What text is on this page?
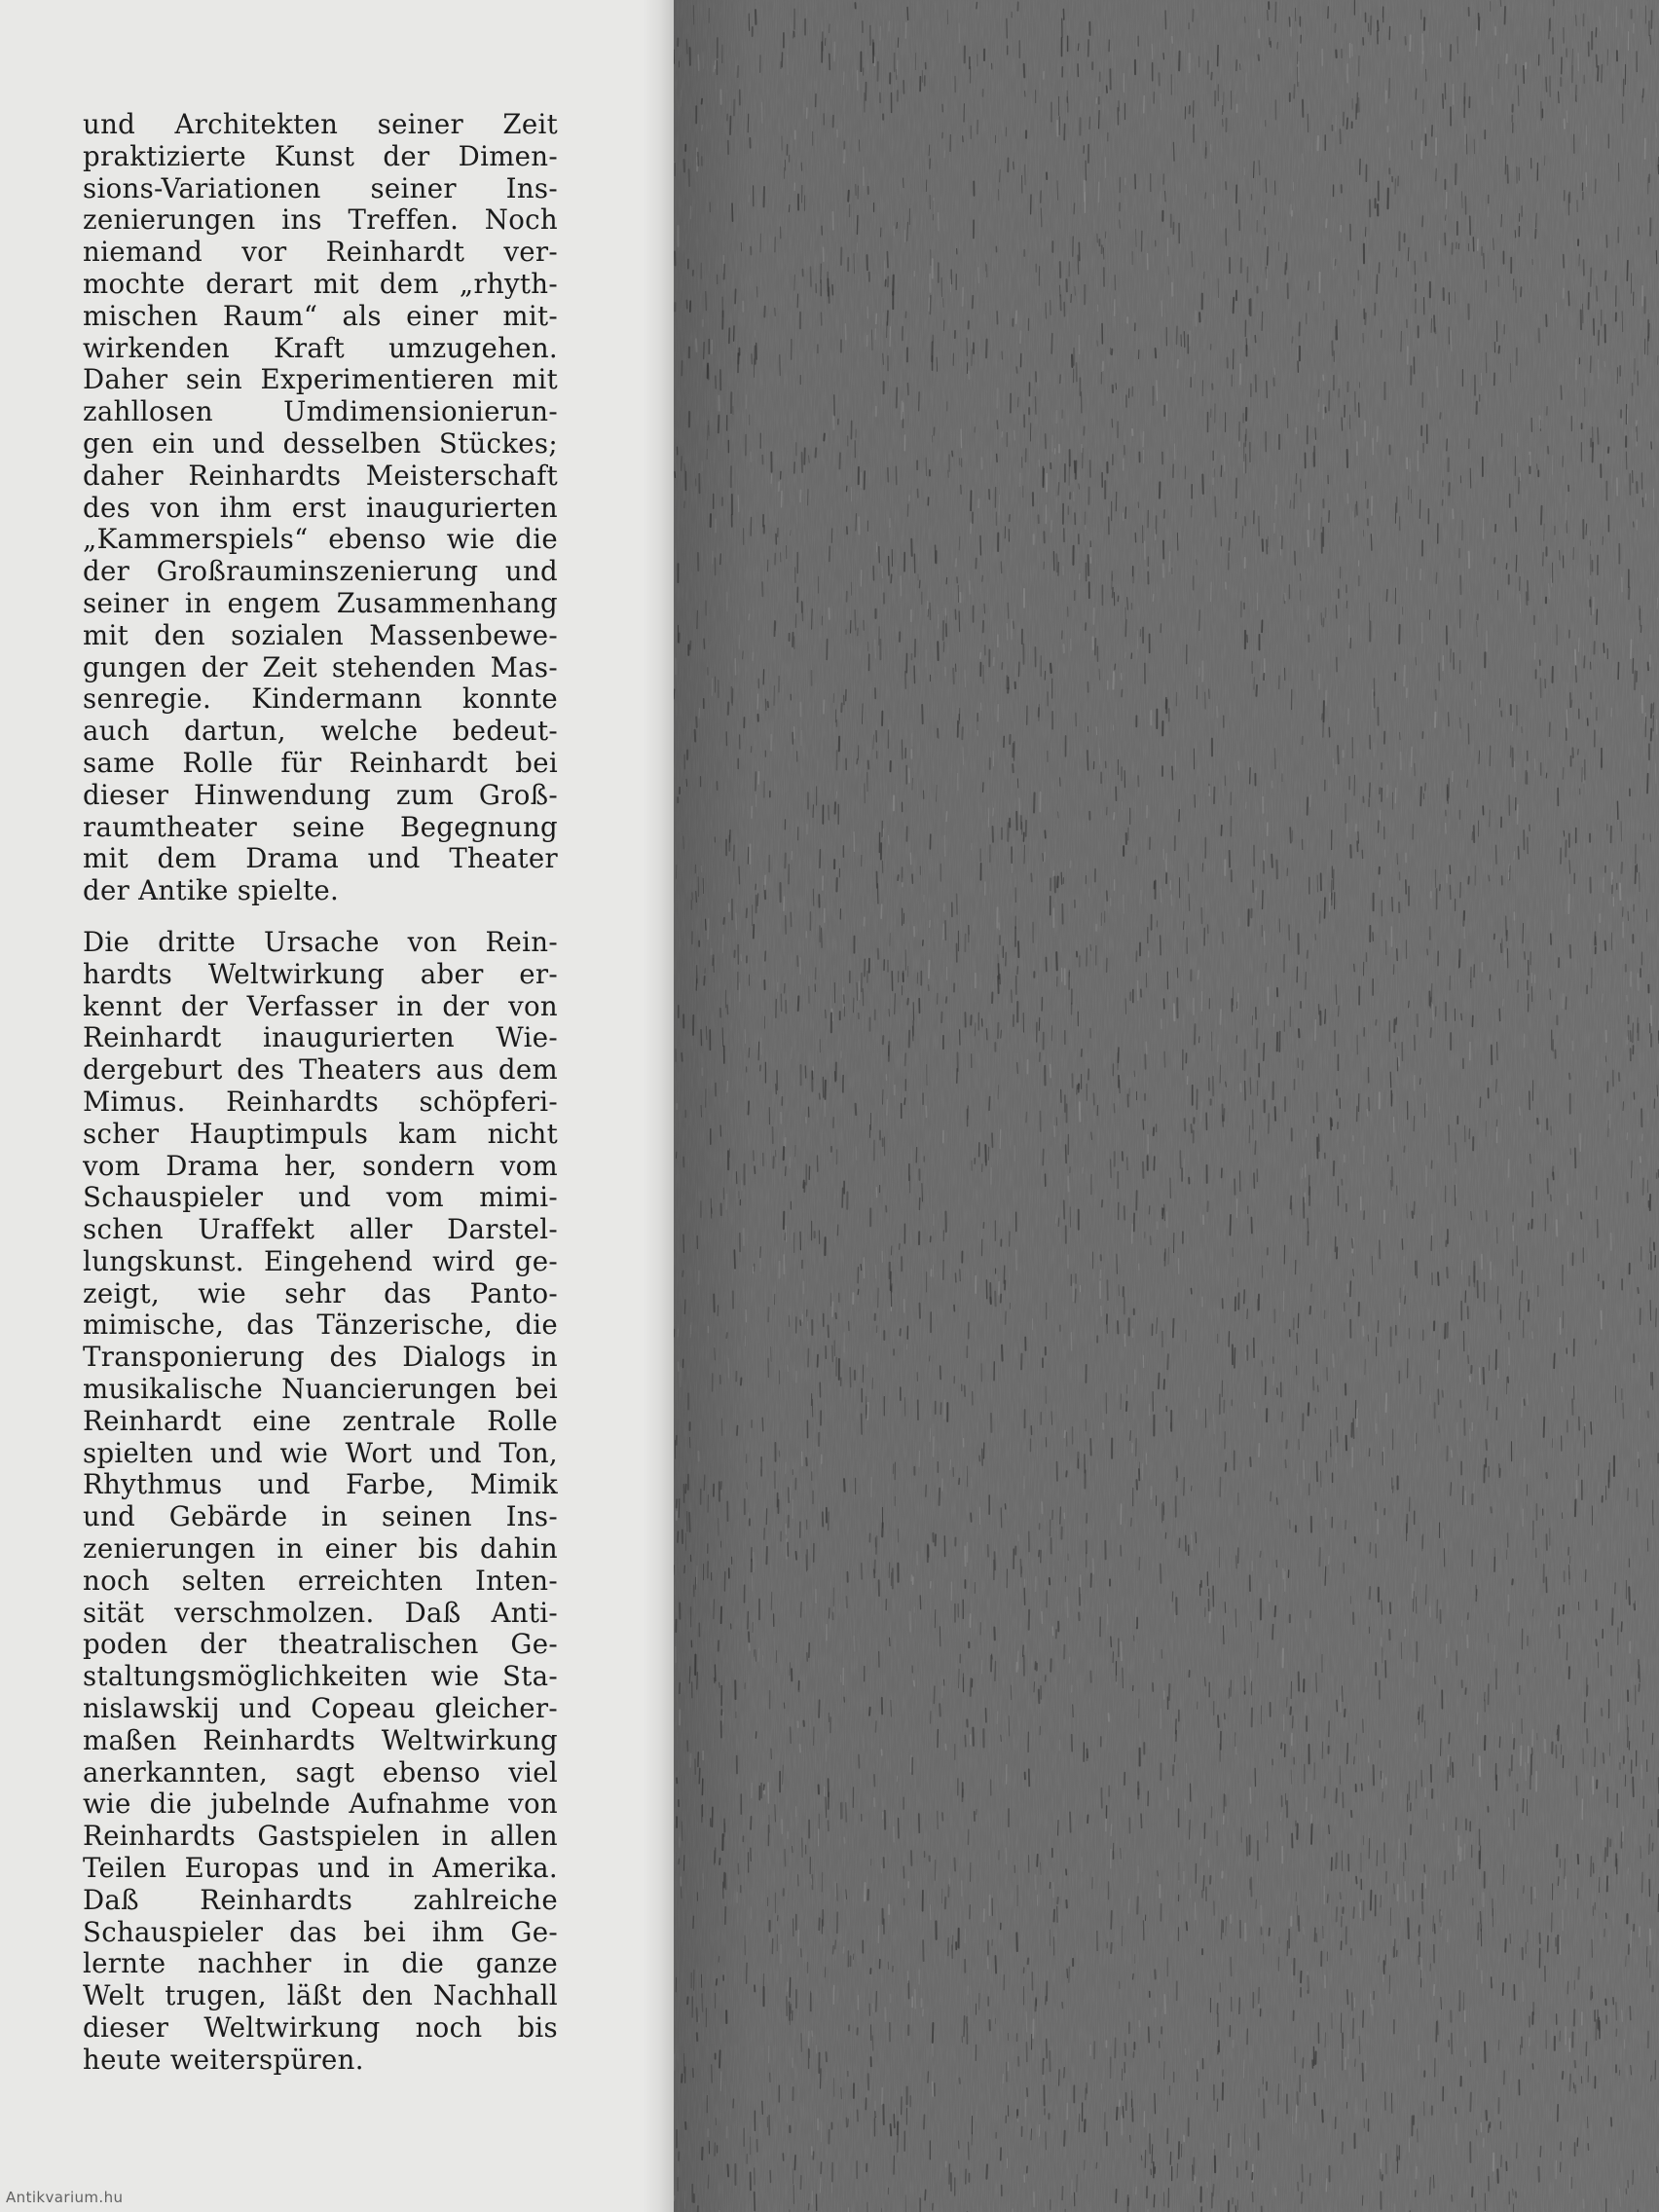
und Architekten seiner Zeit
praktizierte Kunst der Dimen-
sions-Variationen seiner Ins-
zenierungen ins Treffen. Noch
niemand vor Reinhardt ver-
mochte derart mit dem „rhyth-
mischen Raum“ als einer mit-
wirkenden Kraft umzugehen.
Daher sein Experimentieren mit
zahllosen Umdimensionierun-
gen ein und desselben Stückes;
daher Reinhardts Meisterschaft
des von ihm erst inaugurierten
„Kammerspiels“ ebenso wie die
der Großrauminszenierung und
seiner in engem Zusammenhang
mit den sozialen Massenbewe-
gungen der Zeit stehenden Mas-
senregie. Kindermann konnte
auch dartun, welche bedeut-
same Rolle für Reinhardt bei
dieser Hinwendung zum Groß-
raumtheater seine Begegnung
mit dem Drama und Theater
der Antike spielte.

Die dritte Ursache von Rein-
hardts Weltwirkung aber er-
kennt der Verfasser in der von
Reinhardt inaugurierten Wie-
dergeburt des Theaters aus dem
Mimus. Reinhardts schöpferi-
scher Hauptimpuls kam nicht
vom Drama her, sondern vom
Schauspieler und vom mimi-
schen Uraffekt aller Darstel-
lungskunst. Eingehend wird ge-
zeigt, wie sehr das Panto-
mimische, das Tänzerische, die
Transponierung des Dialogs in
musikalische Nuancierungen bei
Reinhardt eine zentrale Rolle
spielten und wie Wort und Ton,
Rhythmus und Farbe, Mimik
und Gebärde in seinen Ins-
zenierungen in einer bis dahin
noch selten erreichten Inten-
sität verschmolzen. Daß Anti-
poden der theatralischen Ge-
staltungsmöglichkeiten wie Sta-
nislawskij und Copeau gleicher-
maßen Reinhardts Weltwirkung
anerkannten, sagt ebenso viel
wie die jubelnde Aufnahme von
Reinhardts Gastspielen in allen
Teilen Europas und in Amerika.
Daß Reinhardts zahlreiche
Schauspieler das bei ihm Ge-
lernte nachher in die ganze
Welt trugen, läßt den Nachhall
dieser Weltwirkung noch bis
heute weiterspüren.

Antikvarium.hu
